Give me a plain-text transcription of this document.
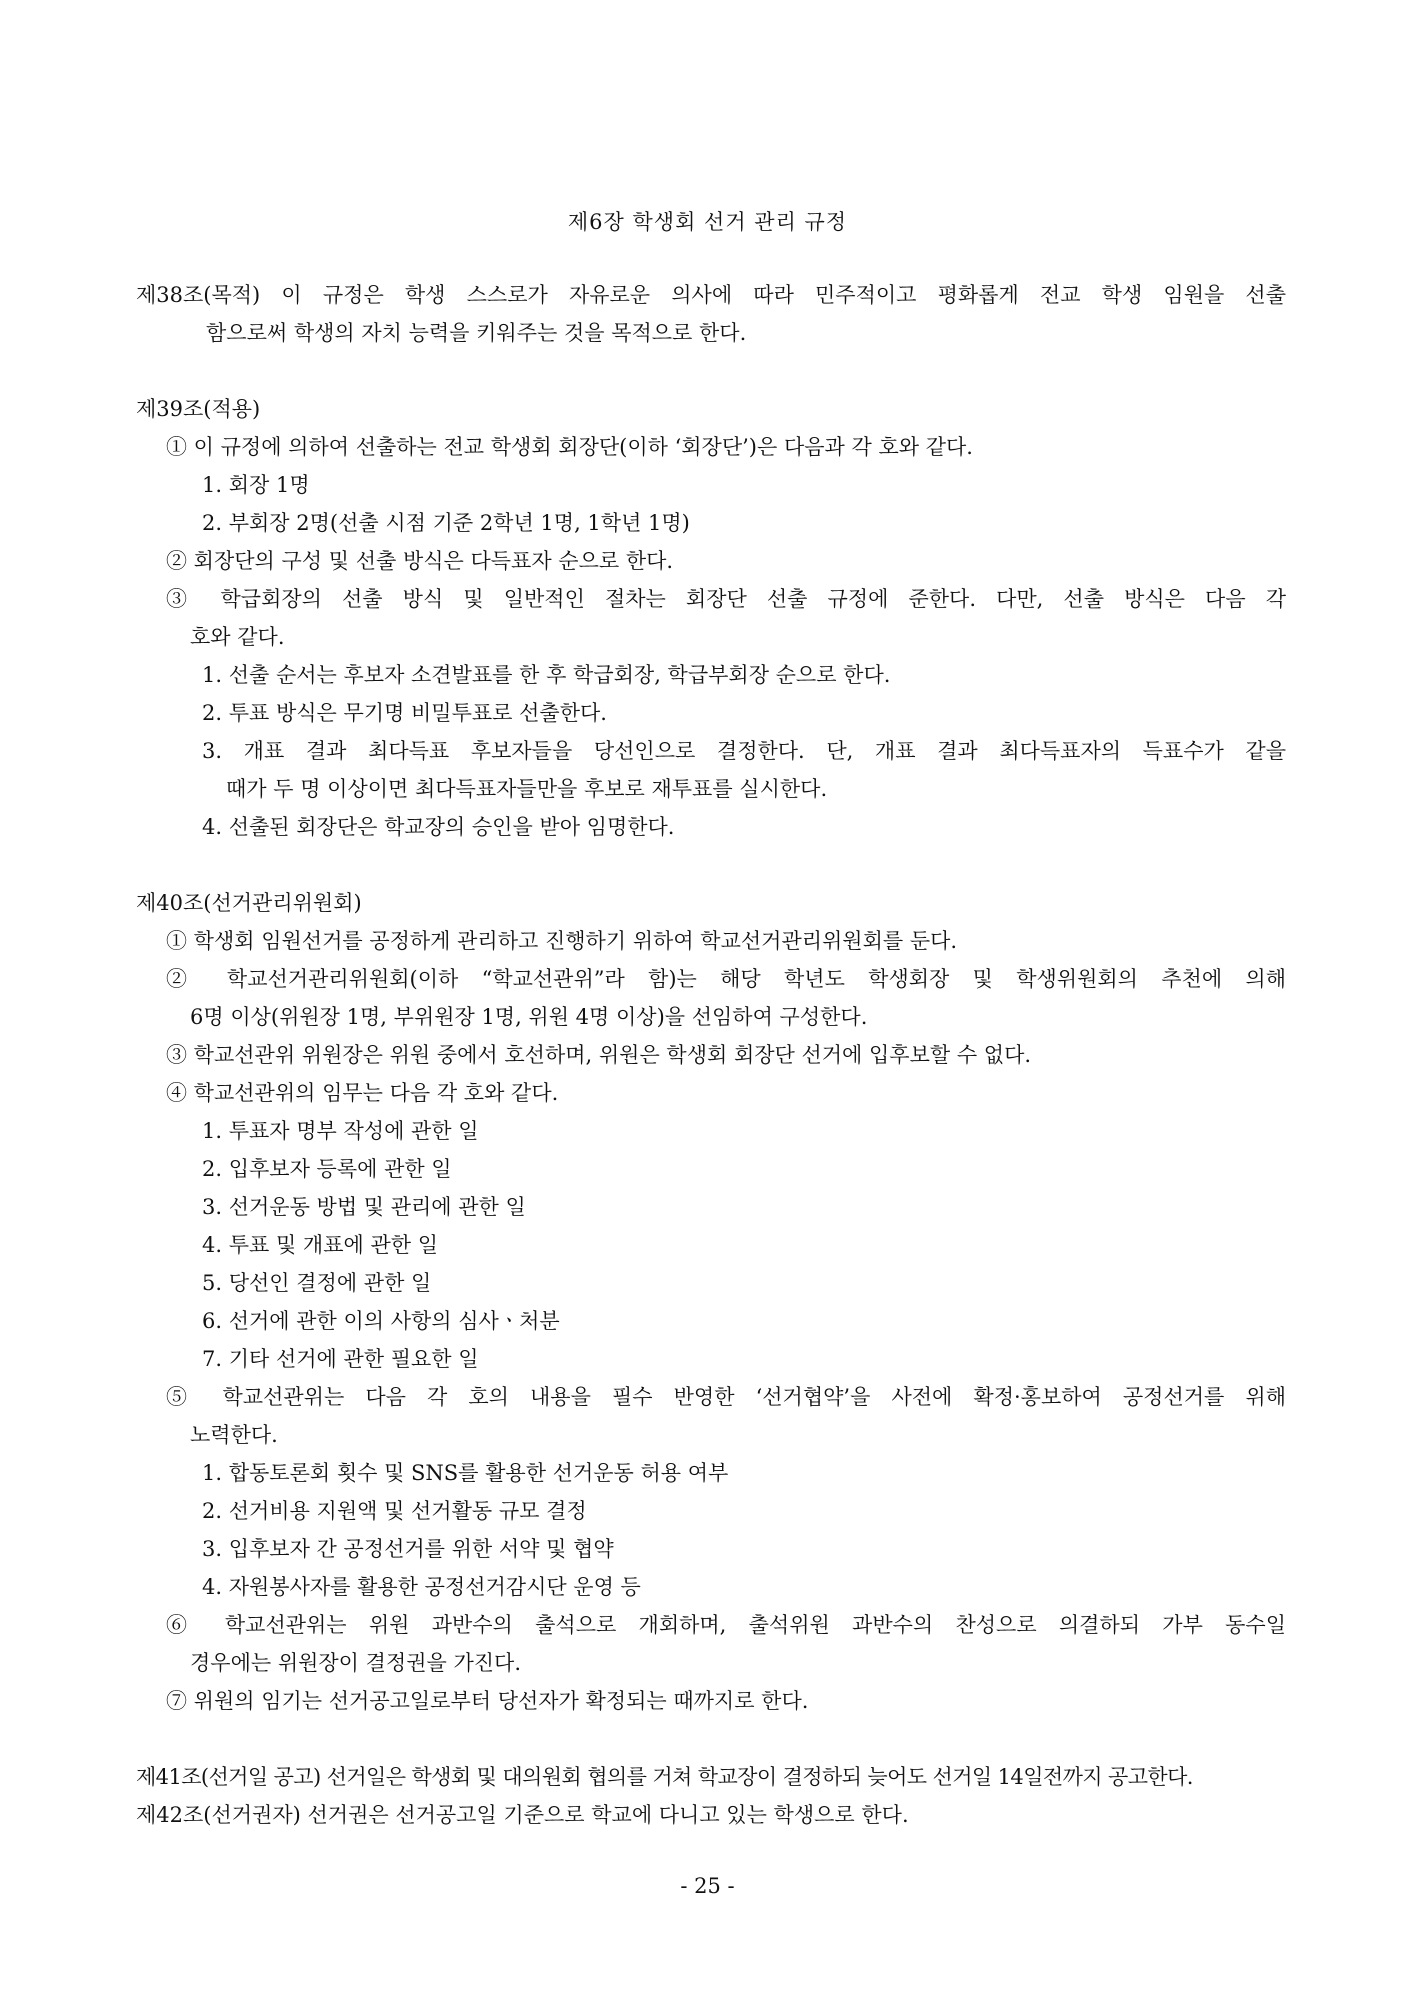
제6장 학생회 선거 관리 규정

제38조(목적) 이 규정은 학생 스스로가 자유로운 의사에 따라 민주적이고 평화롭게 전교 학생 임원을 선출

함으로써 학생의 자치 능력을 키워주는 것을 목적으로 한다.

제39조(적용)

① 이 규정에 의하여 선출하는 전교 학생회 회장단(이하 ‘회장단’)은 다음과 각 호와 같다.

1. 회장 1명

2. 부회장 2명(선출 시점 기준 2학년 1명, 1학년 1명)

② 회장단의 구성 및 선출 방식은 다득표자 순으로 한다.

③ 학급회장의 선출 방식 및 일반적인 절차는 회장단 선출 규정에 준한다. 다만, 선출 방식은 다음 각

호와 같다.

1. 선출 순서는 후보자 소견발표를 한 후 학급회장, 학급부회장 순으로 한다.

2. 투표 방식은 무기명 비밀투표로 선출한다.

3. 개표 결과 최다득표 후보자들을 당선인으로 결정한다. 단, 개표 결과 최다득표자의 득표수가 같을

때가 두 명 이상이면 최다득표자들만을 후보로 재투표를 실시한다.

4. 선출된 회장단은 학교장의 승인을 받아 임명한다.

제40조(선거관리위원회)

① 학생회 임원선거를 공정하게 관리하고 진행하기 위하여 학교선거관리위원회를 둔다.

② 학교선거관리위원회(이하 “학교선관위”라 함)는 해당 학년도 학생회장 및 학생위원회의 추천에 의해

6명 이상(위원장 1명, 부위원장 1명, 위원 4명 이상)을 선임하여 구성한다.

③ 학교선관위 위원장은 위원 중에서 호선하며, 위원은 학생회 회장단 선거에 입후보할 수 없다.

④ 학교선관위의 임무는 다음 각 호와 같다.

1. 투표자 명부 작성에 관한 일

2. 입후보자 등록에 관한 일

3. 선거운동 방법 및 관리에 관한 일

4. 투표 및 개표에 관한 일

5. 당선인 결정에 관한 일

6. 선거에 관한 이의 사항의 심사ㆍ처분

7. 기타 선거에 관한 필요한 일

⑤ 학교선관위는 다음 각 호의 내용을 필수 반영한 ‘선거협약’을 사전에 확정·홍보하여 공정선거를 위해

노력한다.

1. 합동토론회 횟수 및 SNS를 활용한 선거운동 허용 여부

2. 선거비용 지원액 및 선거활동 규모 결정

3. 입후보자 간 공정선거를 위한 서약 및 협약

4. 자원봉사자를 활용한 공정선거감시단 운영 등

⑥ 학교선관위는 위원 과반수의 출석으로 개회하며, 출석위원 과반수의 찬성으로 의결하되 가부 동수일

경우에는 위원장이 결정권을 가진다.

⑦ 위원의 임기는 선거공고일로부터 당선자가 확정되는 때까지로 한다.

제41조(선거일 공고) 선거일은 학생회 및 대의원회 협의를 거쳐 학교장이 결정하되 늦어도 선거일 14일전까지 공고한다.

제42조(선거권자) 선거권은 선거공고일 기준으로 학교에 다니고 있는 학생으로 한다.

- 25 -
